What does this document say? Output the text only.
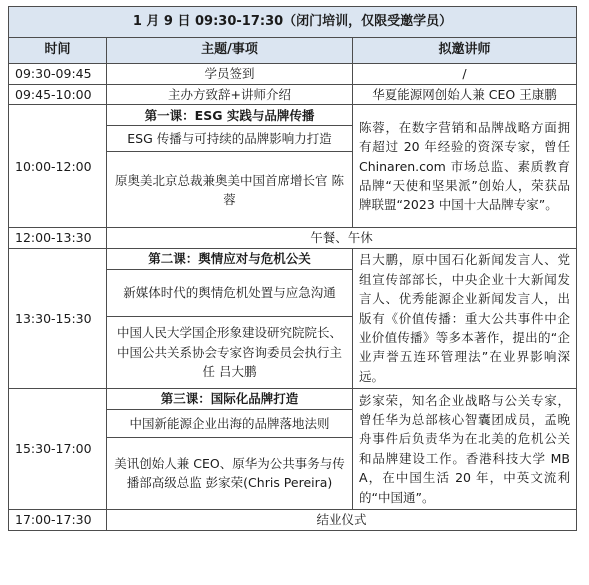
1 月 9 日 09:30-17:30（闭门培训，仅限受邀学员）		
时间	主题/事项	拟邀讲师
09:30-09:45	学员签到	/
09:45-10:00	主办方致辞+讲师介绍	华夏能源网创始人兼 CEO 王康鹏
10:00-12:00	第一课：ESG 实践与品牌传播	陈蓉，在数字营销和品牌战略方面拥有超过 20 年经验的资深专家，曾任 Chinaren.com 市场总监、素质教育品牌“天使和坚果派”创始人，荣获品牌联盟“2023 中国十大品牌专家”。
	ESG 传播与可持续的品牌影响力打造	
	原奥美北京总裁兼奥美中国首席增长官 陈蓉	
12:00-13:30	午餐、午休	
13:30-15:30	第二课：舆情应对与危机公关	吕大鹏，原中国石化新闻发言人、党组宣传部部长，中央企业十大新闻发言人、优秀能源企业新闻发言人，出版有《价值传播：重大公共事件中企业价值传播》等多本著作，提出的“企业声誉五连环管理法”在业界影响深远。
	新媒体时代的舆情危机处置与应急沟通	
	中国人民大学国企形象建设研究院院长、中国公共关系协会专家咨询委员会执行主任 吕大鹏	
15:30-17:00	第三课：国际化品牌打造	彭家荣，知名企业战略与公关专家，曾任华为总部核心智囊团成员，孟晚舟事件后负责华为在北美的危机公关和品牌建设工作。香港科技大学 MBA，在中国生活 20 年，中英文流利的“中国通”。
	中国新能源企业出海的品牌落地法则	
	美讯创始人兼 CEO、原华为公共事务与传播部高级总监 彭家荣(Chris Pereira)	
17:00-17:30	结业仪式	
